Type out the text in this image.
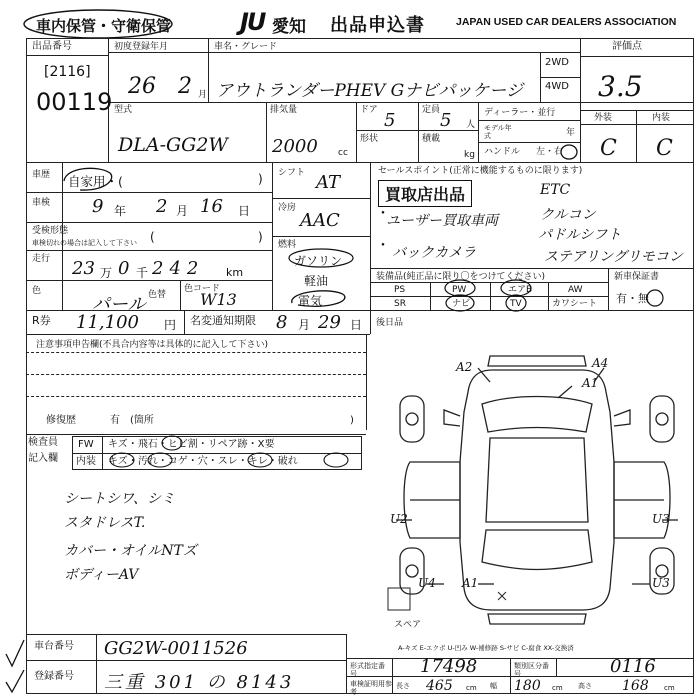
車内保管・守衛保管	JU 愛知 出品申込書	JAPAN USED CAR DEALERS ASSOCIATION
出品番号
[2116]
00119
初度登録年月
26 2 月
車名・グレード
アウトランダーPHEV Gナビパッケージ
2WD
4WD
評価点
3.5
外装	内装
C C
型式
DLA-GG2W
排気量
2000 cc
ドア 5	定員 5 人
形状	積載
kg
ディーラー・並行
モデル年式	年
ハンドル 左・右
車歴 自家用・(	)
車検 9 年 2 月 16 日
受検形態
車検切れの場合は記入して下さい (	)
走行 23 万 0 千 242 km
色
パール 色替
色コード
W13
シフト AT
冷房
AAC
燃料
ガソリン
軽油
電気
セールスポイント(正常に機能するものに限ります)
買取店出品
ユーザー買取車両
バックカメラ
ETC
クルコン
パドルシフト
ステアリングリモコン
・

・
装備品(純正品に限り〇をつけてください)	新車保証書
PS	PW	エアB	AW
SR	ナビ	TV	カワシート 有・無
R券 11,100 円 名変通知期限 8 月 29 日 後日品
注意事項申告欄(不具合内容等は具体的に記入して下さい)
修復歴	有 (箇所	)
検査員
記入欄
FW キズ・飛石・ヒビ割・リペア跡・X要
内装 キズ・汚れ・コゲ・穴・スレ・キレ・破れ
シートシワ、シミ
スタドレスT.
カバー・オイルNTズ
ボディーAV
A2	A4
A1
U2	U3
U4 A1	U3
スペア
A-キズ E-エクボ U-凹み W-補修跡 S-サビ C-腐食 XX-交換済
車台番号 GG2W-0011526
登録番号 三重 301 の 8143
形式指定番号	17498	類別区分番号	0116
車検証明用参考
長さ 465 cm 幅 180 cm 高さ 168 cm
